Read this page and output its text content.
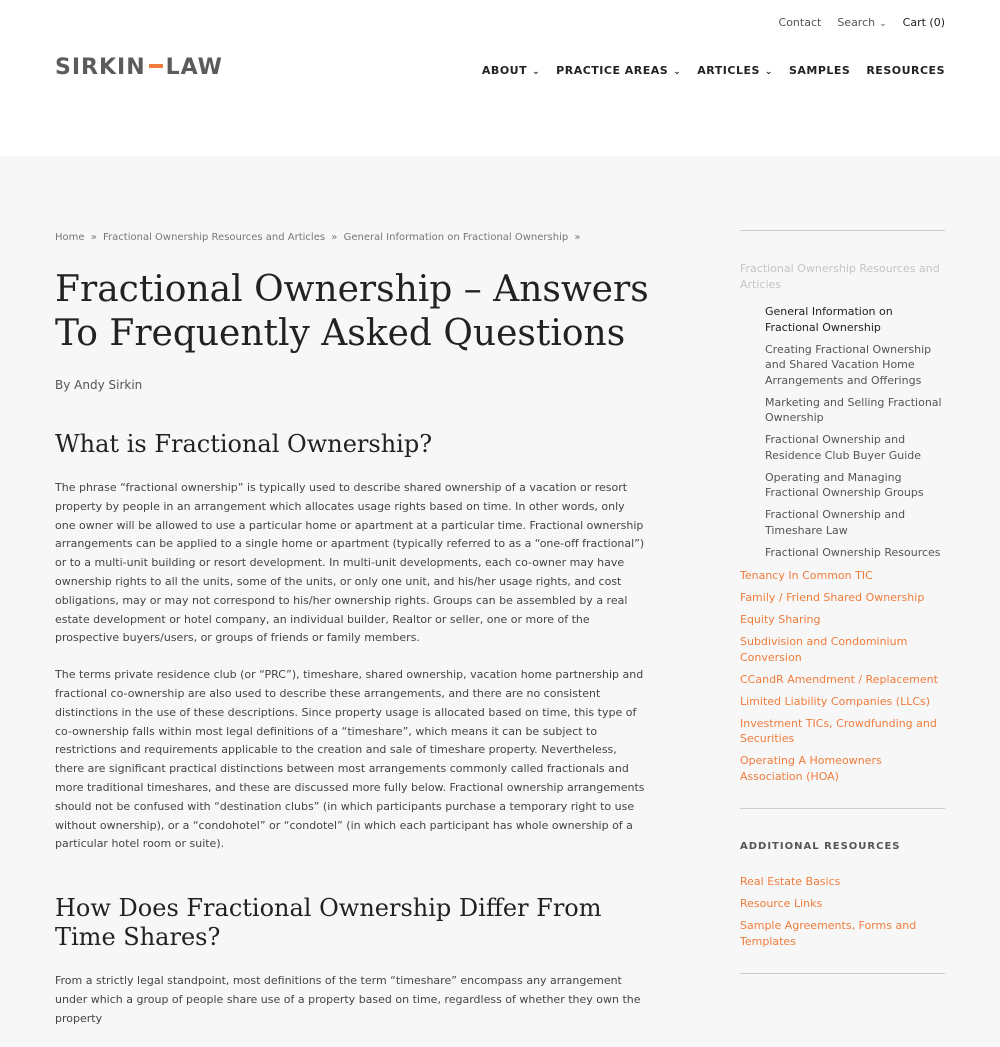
Contact Search ⌄ Cart (0)
SIRKIN LAW	ABOUT ⌄ PRACTICE AREAS ⌄ ARTICLES ⌄ SAMPLES RESOURCES
Home » Fractional Ownership Resources and Articles » General Information on Fractional Ownership »
Fractional Ownership – Answers To Frequently Asked Questions
By Andy Sirkin
What is Fractional Ownership?

The phrase “fractional ownership” is typically used to describe shared ownership of a vacation or resort property by people in an arrangement which allocates usage rights based on time. In other words, only one owner will be allowed to use a particular home or apartment at a particular time. Fractional ownership arrangements can be applied to a single home or apartment (typically referred to as a “one-off fractional”) or to a multi-unit building or resort development. In multi-unit developments, each co-owner may have ownership rights to all the units, some of the units, or only one unit, and his/her usage rights, and cost obligations, may or may not correspond to his/her ownership rights. Groups can be assembled by a real estate development or hotel company, an individual builder, Realtor or seller, one or more of the prospective buyers/users, or groups of friends or family members.

The terms private residence club (or “PRC”), timeshare, shared ownership, vacation home partnership and fractional co-ownership are also used to describe these arrangements, and there are no consistent distinctions in the use of these descriptions. Since property usage is allocated based on time, this type of co-ownership falls within most legal definitions of a “timeshare”, which means it can be subject to restrictions and requirements applicable to the creation and sale of timeshare property. Nevertheless, there are significant practical distinctions between most arrangements commonly called fractionals and more traditional timeshares, and these are discussed more fully below. Fractional ownership arrangements should not be confused with “destination clubs” (in which participants purchase a temporary right to use without ownership), or a “condohotel” or “condotel” (in which each participant has whole ownership of a particular hotel room or suite).

How Does Fractional Ownership Differ From Time Shares?

From a strictly legal standpoint, most definitions of the term “timeshare” encompass any arrangement under which a group of people share use of a property based on time, regardless of whether they own the property

Fractional Ownership Resources and Articles
General Information on Fractional Ownership
Creating Fractional Ownership and Shared Vacation Home Arrangements and Offerings
Marketing and Selling Fractional Ownership
Fractional Ownership and Residence Club Buyer Guide
Operating and Managing Fractional Ownership Groups
Fractional Ownership and Timeshare Law
Fractional Ownership Resources
Tenancy In Common TIC
Family / Friend Shared Ownership
Equity Sharing
Subdivision and Condominium Conversion
CCandR Amendment / Replacement
Limited Liability Companies (LLCs)
Investment TICs, Crowdfunding and Securities
Operating A Homeowners Association (HOA)
ADDITIONAL RESOURCES
Real Estate Basics
Resource Links
Sample Agreements, Forms and Templates
